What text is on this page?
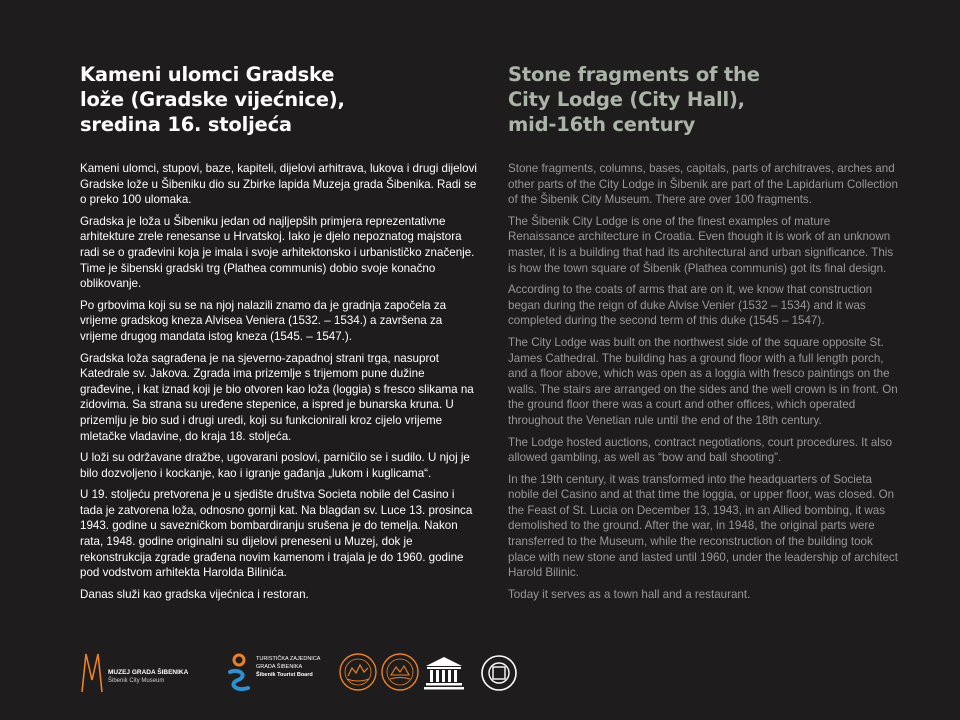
Kameni ulomci Gradske
lože (Gradske vijećnice),
sredina 16. stoljeća

Kameni ulomci, stupovi, baze, kapiteli, dijelovi arhitrava, lukova i drugi dijelovi Gradske lože u Šibeniku dio su Zbirke lapida Muzeja grada Šibenika. Radi se o preko 100 ulomaka.

Gradska je loža u Šibeniku jedan od najljepših primjera reprezentativne arhitekture zrele renesanse u Hrvatskoj. Iako je djelo nepoznatog majstora radi se o građevini koja je imala i svoje arhitektonsko i urbanističko značenje. Time je šibenski gradski trg (Plathea communis) dobio svoje konačno oblikovanje.

Po grbovima koji su se na njoj nalazili znamo da je gradnja započela za vrijeme gradskog kneza Alvisea Veniera (1532. – 1534.) a završena za vrijeme drugog mandata istog kneza (1545. – 1547.).

Gradska loža sagrađena je na sjeverno-zapadnoj strani trga, nasuprot Katedrale sv. Jakova. Zgrada ima prizemlje s trijemom pune dužine građevine, i kat iznad koji je bio otvoren kao loža (loggia) s fresco slikama na zidovima. Sa strana su uređene stepenice, a ispred je bunarska kruna. U prizemlju je bio sud i drugi uredi, koji su funkcionirali kroz cijelo vrijeme mletačke vladavine, do kraja 18. stoljeća.

U loži su održavane dražbe, ugovarani poslovi, parničilo se i sudilo. U njoj je bilo dozvoljeno i kockanje, kao i igranje gađanja „lukom i kuglicama“.

U 19. stoljeću pretvorena je u sjedište društva Societa nobile del Casino i tada je zatvorena loža, odnosno gornji kat. Na blagdan sv. Luce 13. prosinca 1943. godine u savezničkom bombardiranju srušena je do temelja. Nakon rata, 1948. godine originalni su dijelovi preneseni u Muzej, dok je rekonstrukcija zgrade građena novim kamenom i trajala je do 1960. godine pod vodstvom arhitekta Harolda Bilinića.

Danas služi kao gradska vijećnica i restoran.

Stone fragments of the
City Lodge (City Hall),
mid-16th century

Stone fragments, columns, bases, capitals, parts of architraves, arches and other parts of the City Lodge in Šibenik are part of the Lapidarium Collection of the Šibenik City Museum. There are over 100 fragments.

The Šibenik City Lodge is one of the finest examples of mature Renaissance architecture in Croatia. Even though it is work of an unknown master, it is a building that had its architectural and urban significance. This is how the town square of Šibenik (Plathea communis) got its final design.

According to the coats of arms that are on it, we know that construction began during the reign of duke Alvise Venier (1532 – 1534) and it was completed during the second term of this duke (1545 – 1547).

The City Lodge was built on the northwest side of the square opposite St. James Cathedral. The building has a ground floor with a full length porch, and a floor above, which was open as a loggia with fresco paintings on the walls. The stairs are arranged on the sides and the well crown is in front. On the ground floor there was a court and other offices, which operated throughout the Venetian rule until the end of the 18th century.

The Lodge hosted auctions, contract negotiations, court procedures. It also allowed gambling, as well as “bow and ball shooting”.

In the 19th century, it was transformed into the headquarters of Societa nobile del Casino and at that time the loggia, or upper floor, was closed. On the Feast of St. Lucia on December 13, 1943, in an Allied bombing, it was demolished to the ground. After the war, in 1948, the original parts were transferred to the Museum, while the reconstruction of the building took place with new stone and lasted until 1960, under the leadership of architect Harold Bilinic.

Today it serves as a town hall and a restaurant.

MUZEJ GRADA ŠIBENIKA
Šibenik City Museum
TURISTIČKA ZAJEDNICA
GRADA ŠIBENIKA
Šibenik Tourist Board
